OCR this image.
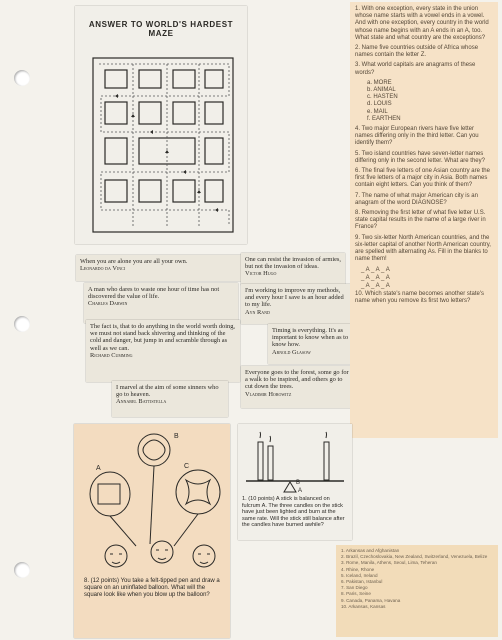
ANSWER TO WORLD'S HARDEST MAZE
When you are alone you are all your own.
Leonardo da Vinci
One can resist the invasion of armies, but not the invasion of ideas.
Victor Hugo
A man who dares to waste one hour of time has not discovered the value of life.
Charles Darwin
I'm working to improve my methods, and every hour I save is an hour added to my life.
Ayn Rand
The fact is, that to do anything in the world worth doing, we must not stand back shivering and thinking of the cold and danger, but jump in and scramble through as well as we can.
Richard Cumming
Timing is everything. It's as important to know when as to know how.
Arnold Glasow
I marvel at the aim of some sinners who go to heaven.
Annabel Battistella
Everyone goes to the forest, some go for a walk to be inspired, and others go to cut down the trees.
Vladimir Horowitz

1. With one exception, every state in the union whose name starts with a vowel ends in a vowel. And with one exception, every country in the world whose name begins with an A ends in an A, too. What state and what country are the exceptions?

2. Name five countries outside of Africa whose names contain the letter Z.

3. What world capitals are anagrams of these words?

a. MORE
b. ANIMAL
c. HASTEN
d. LOUIS
e. MAIL
f. EARTHEN

4. Two major European rivers have five letter names differing only in the third letter. Can you identify them?

5. Two island countries have seven-letter names differing only in the second letter. What are they?

6. The final five letters of one Asian country are the first five letters of a major city in Asia. Both names contain eight letters. Can you think of them?

7. The name of what major American city is an anagram of the word DIAGNOSE?

8. Removing the first letter of what five letter U.S. state capital results in the name of a large river in France?

9. Two six-letter North American countries, and the six-letter capital of another North American country, are spelled with alternating As. Fill in the blanks to name them!

_ A _ A _ A
_ A _ A _ A
_ A _ A _ A

10. Which state's name becomes another state's name when you remove its first two letters?

A
B
C
8. (12 points) You take a felt-tipped pen and draw a square on an uninflated balloon. What will the square look like when you blow up the balloon?
B
A
1. (10 points) A stick is balanced on fulcrum A. The three candles on the stick have just been lighted and burn at the same rate. Will the stick still balance after the candles have burned awhile?
1. Arkansas and Afghanistan
2. Brazil, Czechoslovakia, New Zealand, Switzerland, Venezuela, Belize
3. Rome, Manila, Athens, Seoul, Lima, Teheran
4. Rhine, Rhone
5. Iceland, Ireland
6. Pakistan, Istanbul
7. San Diego
8. Paris, Seine
9. Canada, Panama, Havana
10. Arkansas, Kansas
